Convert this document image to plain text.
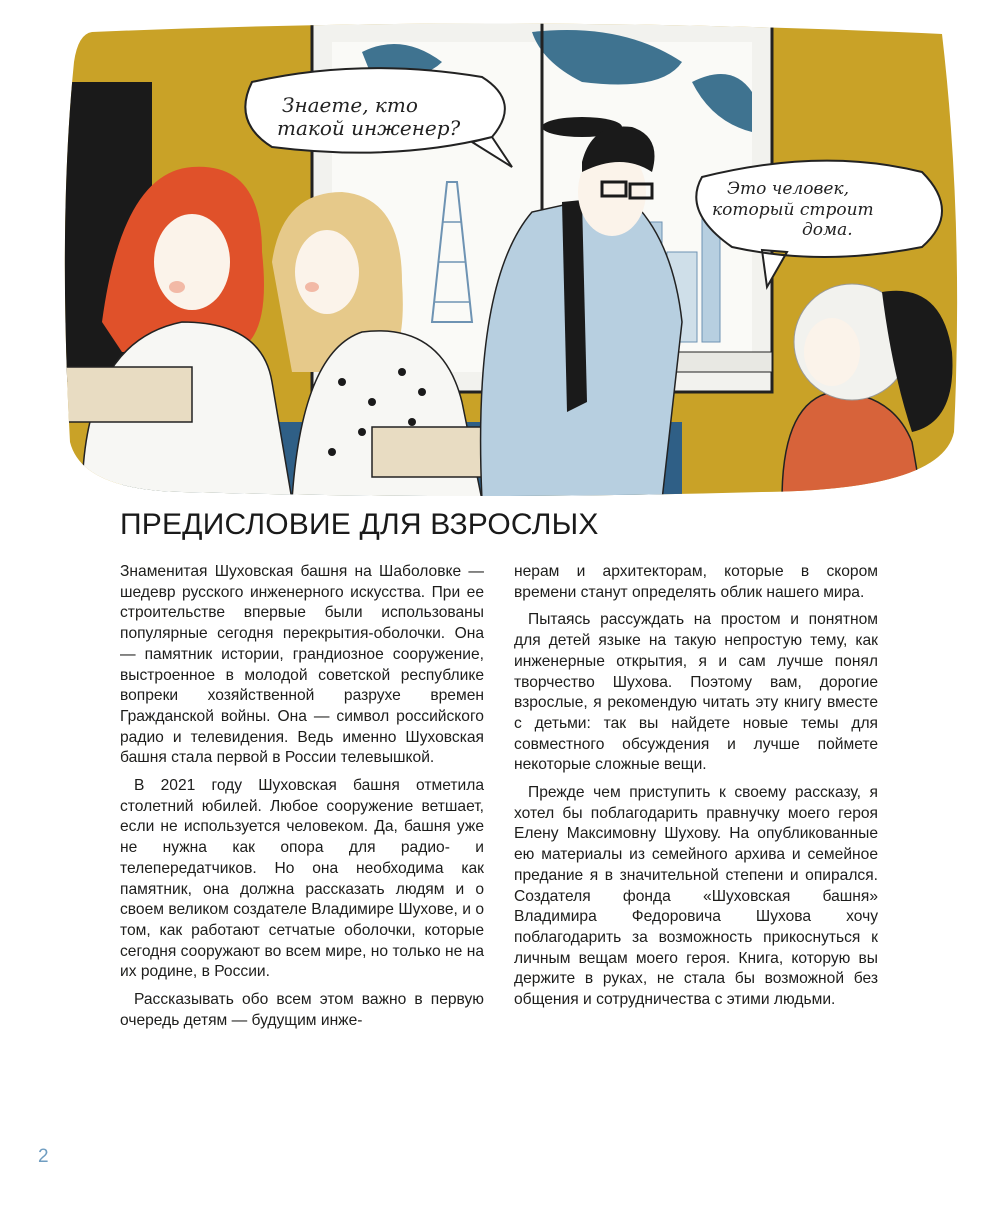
Знаете, кто
такой инженер?
Это человек,
который строит
дома.
ПРЕДИСЛОВИЕ ДЛЯ ВЗРОСЛЫХ

Знаменитая Шуховская башня на Шаболовке — шедевр русского инженерного искусства. При ее строительстве впервые были использованы популярные сегодня перекрытия-оболочки. Она — памятник истории, грандиозное сооружение, выстроенное в молодой советской республике вопреки хозяйственной разрухе времен Гражданской войны. Она — символ российского радио и телевидения. Ведь именно Шуховская башня стала первой в России телевышкой.

В 2021 году Шуховская башня отметила столетний юбилей. Любое сооружение ветшает, если не используется человеком. Да, башня уже не нужна как опора для радио- и телепередатчиков. Но она необходима как памятник, она должна рассказать людям и о своем великом создателе Владимире Шухове, и о том, как работают сетчатые оболочки, которые сегодня сооружают во всем мире, но только не на их родине, в России.

Рассказывать обо всем этом важно в первую очередь детям — будущим инже-

нерам и архитекторам, которые в скором времени станут определять облик нашего мира.

Пытаясь рассуждать на простом и понятном для детей языке на такую непростую тему, как инженерные открытия, я и сам лучше понял творчество Шухова. Поэтому вам, дорогие взрослые, я рекомендую читать эту книгу вместе с детьми: так вы найдете новые темы для совместного обсуждения и лучше поймете некоторые сложные вещи.

Прежде чем приступить к своему рассказу, я хотел бы поблагодарить правнучку моего героя Елену Максимовну Шухову. На опубликованные ею материалы из семейного архива и семейное предание я в значительной степени и опирался. Создателя фонда «Шуховская башня» Владимира Федоровича Шухова хочу поблагодарить за возможность прикоснуться к личным вещам моего героя. Книга, которую вы держите в руках, не стала бы возможной без общения и сотрудничества с этими людьми.

2
